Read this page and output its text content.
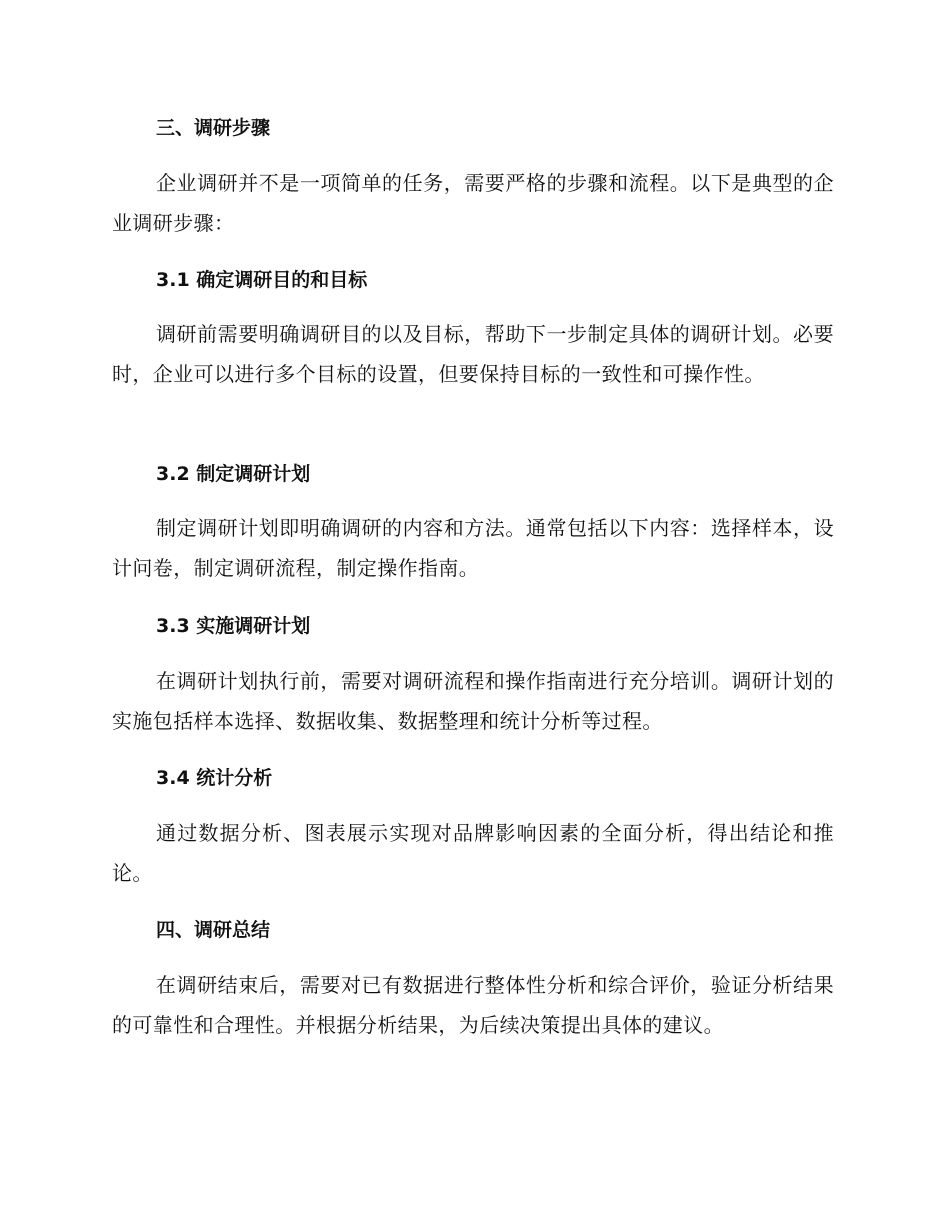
三、调研步骤
企业调研并不是一项简单的任务，需要严格的步骤和流程。以下是典型的企业调研步骤：
3.1 确定调研目的和目标
调研前需要明确调研目的以及目标，帮助下一步制定具体的调研计划。必要时，企业可以进行多个目标的设置，但要保持目标的一致性和可操作性。
3.2 制定调研计划
制定调研计划即明确调研的内容和方法。通常包括以下内容：选择样本，设计问卷，制定调研流程，制定操作指南。
3.3 实施调研计划
在调研计划执行前，需要对调研流程和操作指南进行充分培训。调研计划的实施包括样本选择、数据收集、数据整理和统计分析等过程。
3.4 统计分析
通过数据分析、图表展示实现对品牌影响因素的全面分析，得出结论和推论。
四、调研总结
在调研结束后，需要对已有数据进行整体性分析和综合评价，验证分析结果的可靠性和合理性。并根据分析结果，为后续决策提出具体的建议。
